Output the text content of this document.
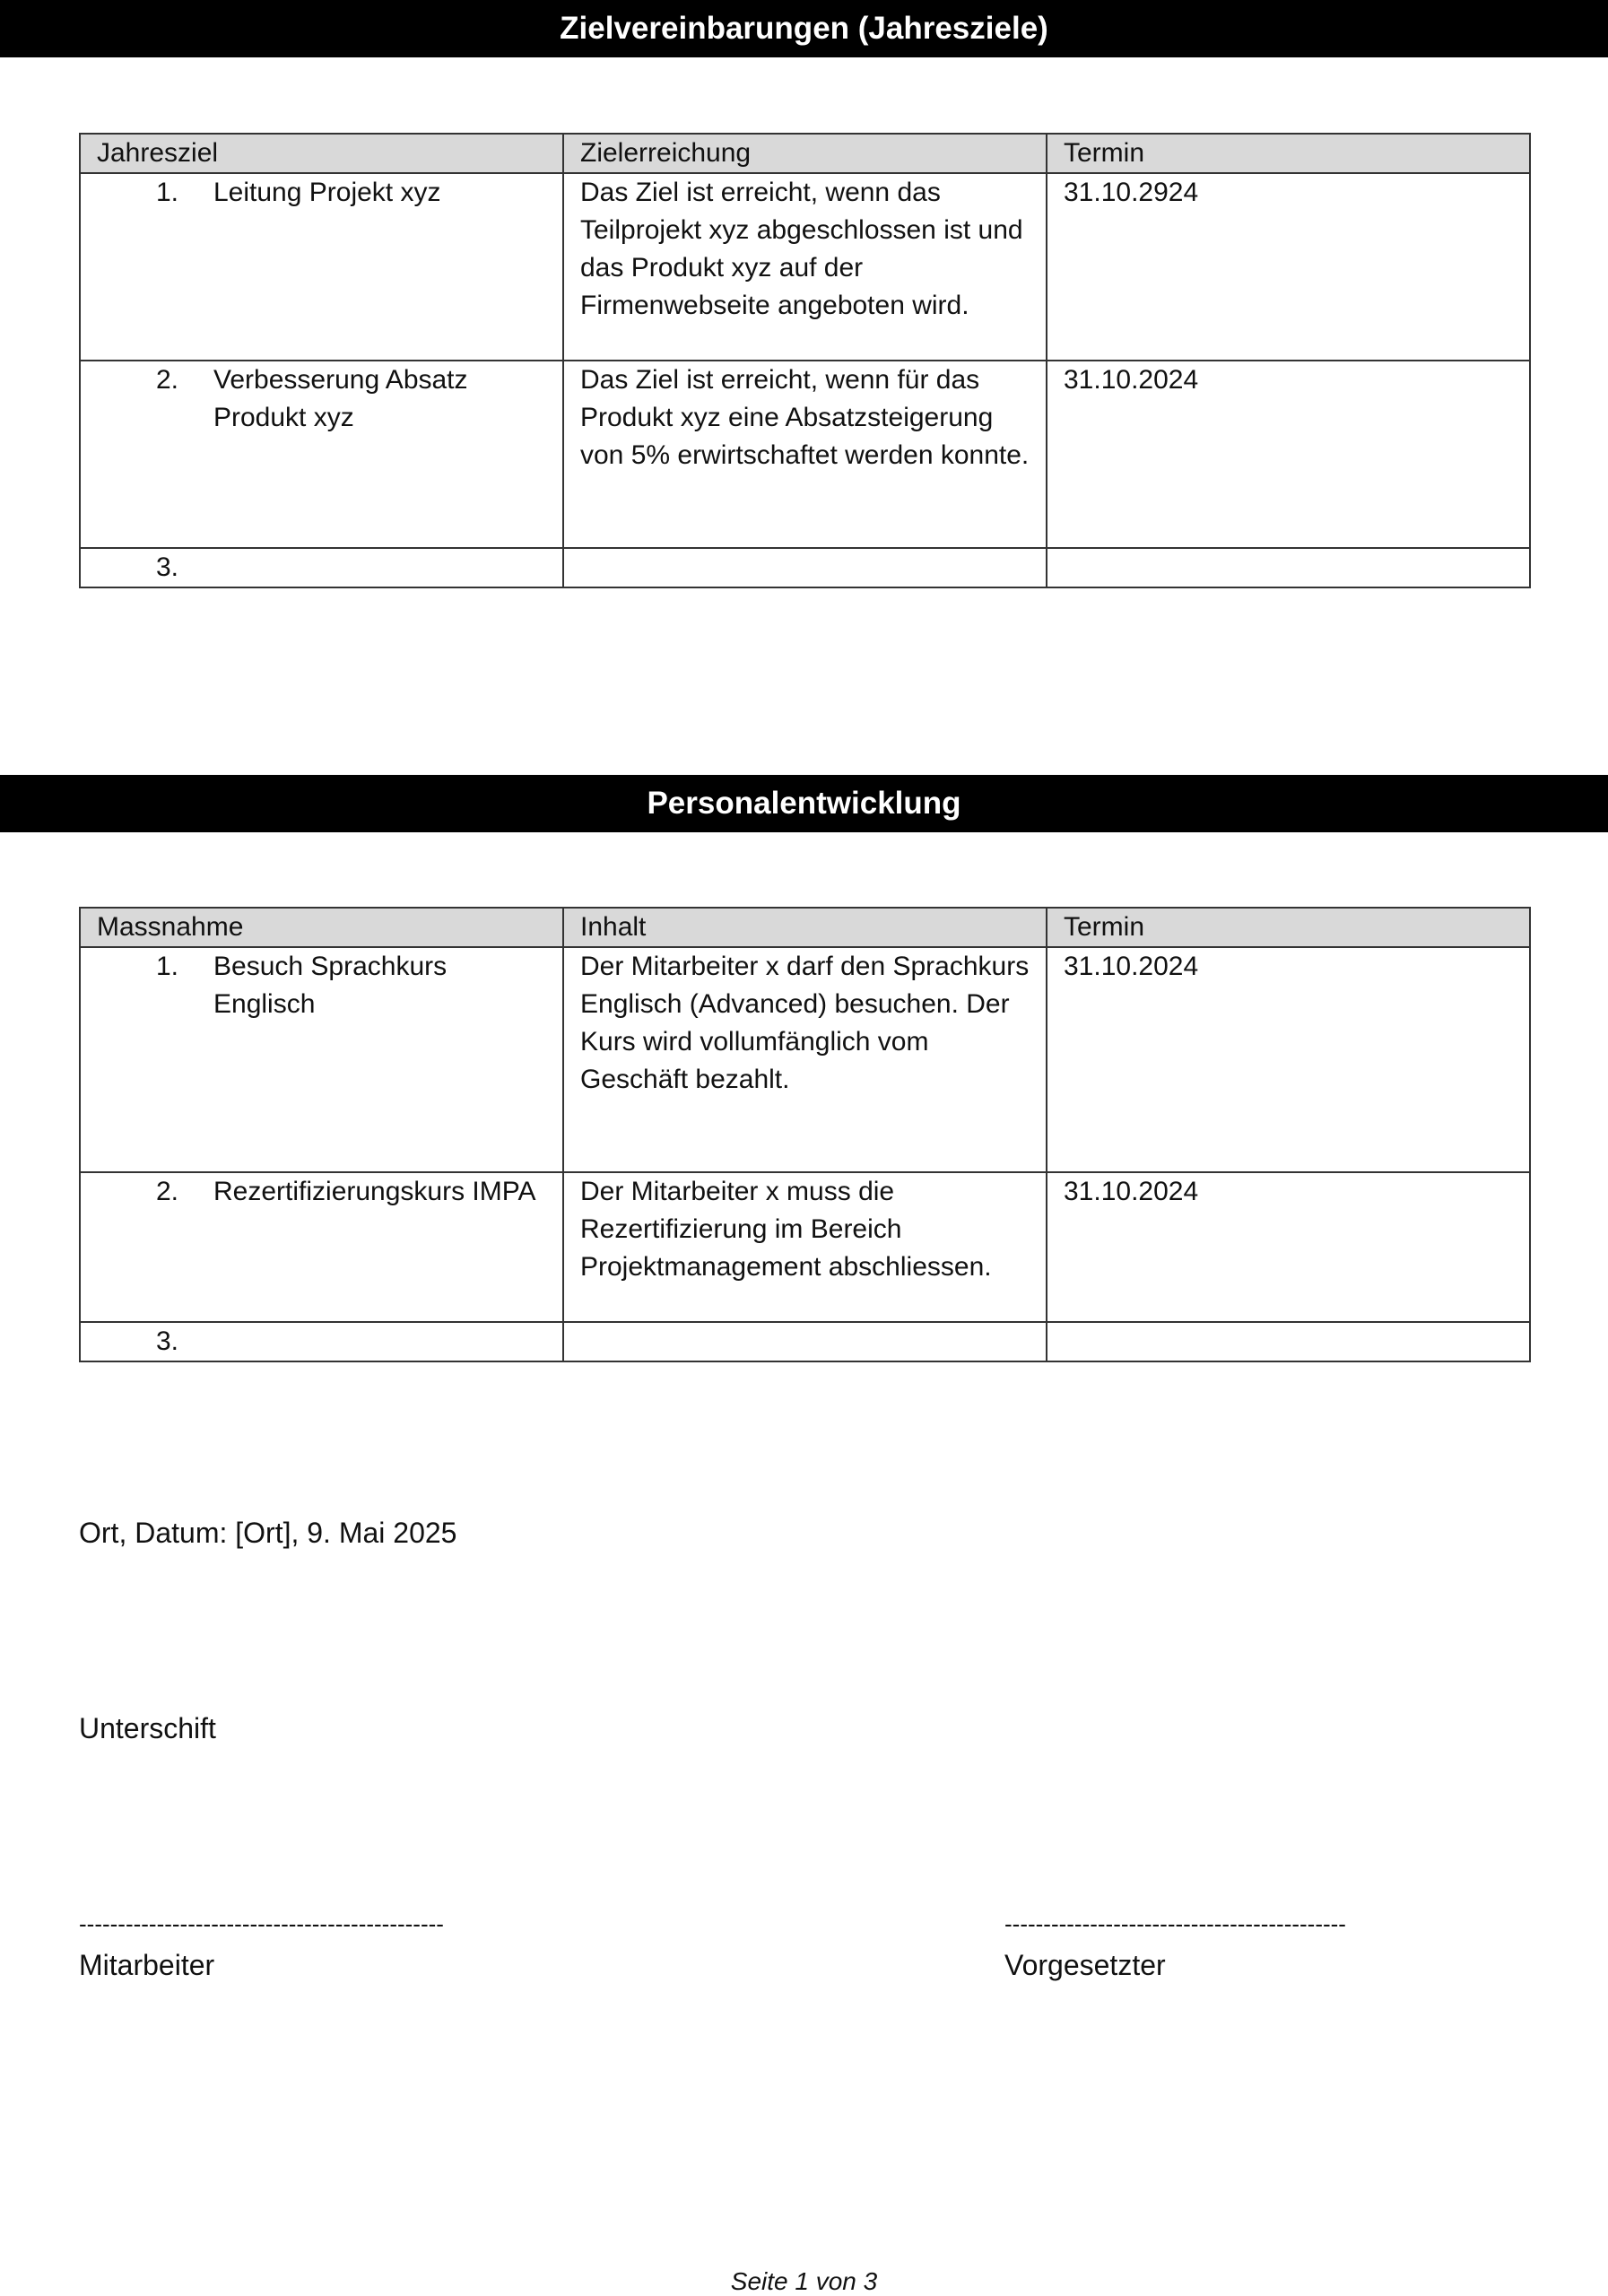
Zielvereinbarungen (Jahresziele)
Jahresziel	Zielerreichung	Termin

1. Leitung Projekt xyz	Das Ziel ist erreicht, wenn das Teilprojekt xyz abgeschlossen ist und das Produkt xyz auf der Firmenwebseite angeboten wird.	31.10.2924

2. Verbesserung Absatz Produkt xyz	Das Ziel ist erreicht, wenn für das Produkt xyz eine Absatzsteigerung von 5% erwirtschaftet werden konnte.	31.10.2024

3.		

Personalentwicklung
Massnahme	Inhalt	Termin

1. Besuch Sprachkurs Englisch	Der Mitarbeiter x darf den Sprachkurs Englisch (Advanced) besuchen. Der Kurs wird vollumfänglich vom Geschäft bezahlt.	31.10.2024

2. Rezertifizierungskurs IMPA	Der Mitarbeiter x muss die Rezertifizierung im Bereich Projektmanagement abschliessen.	31.10.2024

3.		

Ort, Datum: [Ort], 9. Mai 2025
Unterschift
-----------------------------------------------	--------------------------------------------
Mitarbeiter	Vorgesetzter
Seite 1 von 3
